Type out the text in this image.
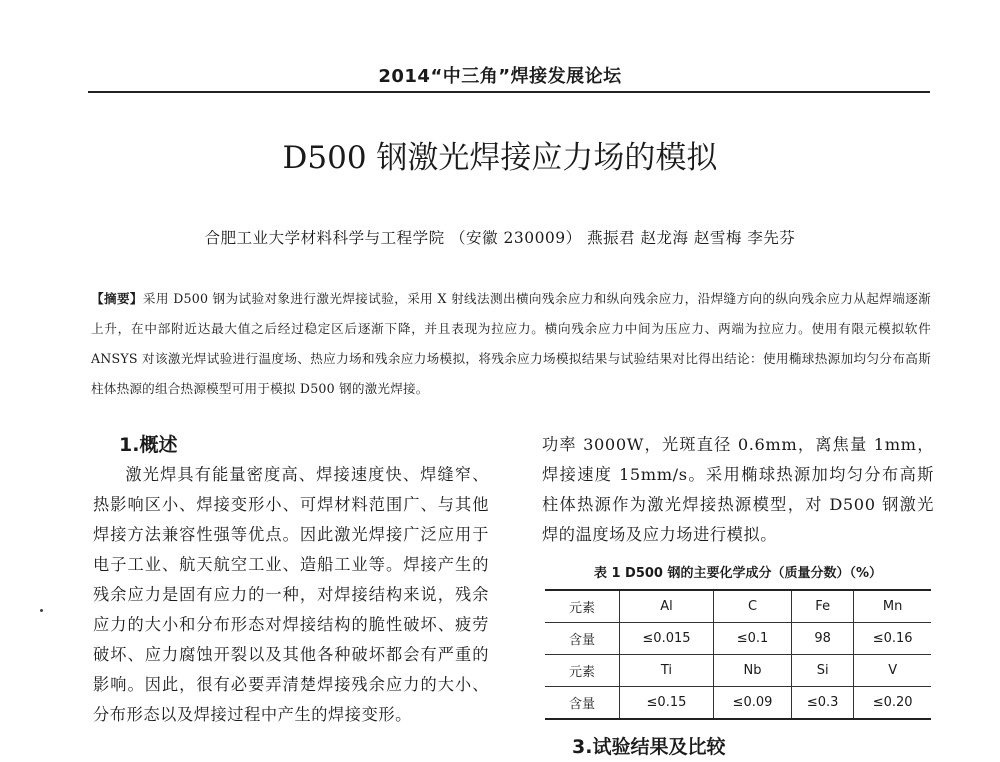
2014“中三角”焊接发展论坛
D500 钢激光焊接应力场的模拟
合肥工业大学材料科学与工程学院 （安徽 230009） 燕振君 赵龙海 赵雪梅 李先芬
【摘要】采用 D500 钢为试验对象进行激光焊接试验，采用 X 射线法测出横向残余应力和纵向残余应力，沿焊缝方向的纵向残余应力从起焊端逐渐上升，在中部附近达最大值之后经过稳定区后逐渐下降，并且表现为拉应力。横向残余应力中间为压应力、两端为拉应力。使用有限元模拟软件 ANSYS 对该激光焊试验进行温度场、热应力场和残余应力场模拟，将残余应力场模拟结果与试验结果对比得出结论：使用椭球热源加均匀分布高斯柱体热源的组合热源模型可用于模拟 D500 钢的激光焊接。
1.概述
激光焊具有能量密度高、焊接速度快、焊缝窄、热影响区小、焊接变形小、可焊材料范围广、与其他焊接方法兼容性强等优点。因此激光焊接广泛应用于电子工业、航天航空工业、造船工业等。焊接产生的残余应力是固有应力的一种，对焊接结构来说，残余应力的大小和分布形态对焊接结构的脆性破坏、疲劳破坏、应力腐蚀开裂以及其他各种破坏都会有严重的影响。因此，很有必要弄清楚焊接残余应力的大小、分布形态以及焊接过程中产生的焊接变形。
功率 3000W，光斑直径 0.6mm，离焦量 1mm，焊接速度 15mm/s。采用椭球热源加均匀分布高斯柱体热源作为激光焊接热源模型，对 D500 钢激光焊的温度场及应力场进行模拟。
表 1 D500 钢的主要化学成分（质量分数）（%）
元素	Al	C	Fe	Mn
含量	≤0.015	≤0.1	98	≤0.16
元素	Ti	Nb	Si	V
含量	≤0.15	≤0.09	≤0.3	≤0.20
3.试验结果及比较
